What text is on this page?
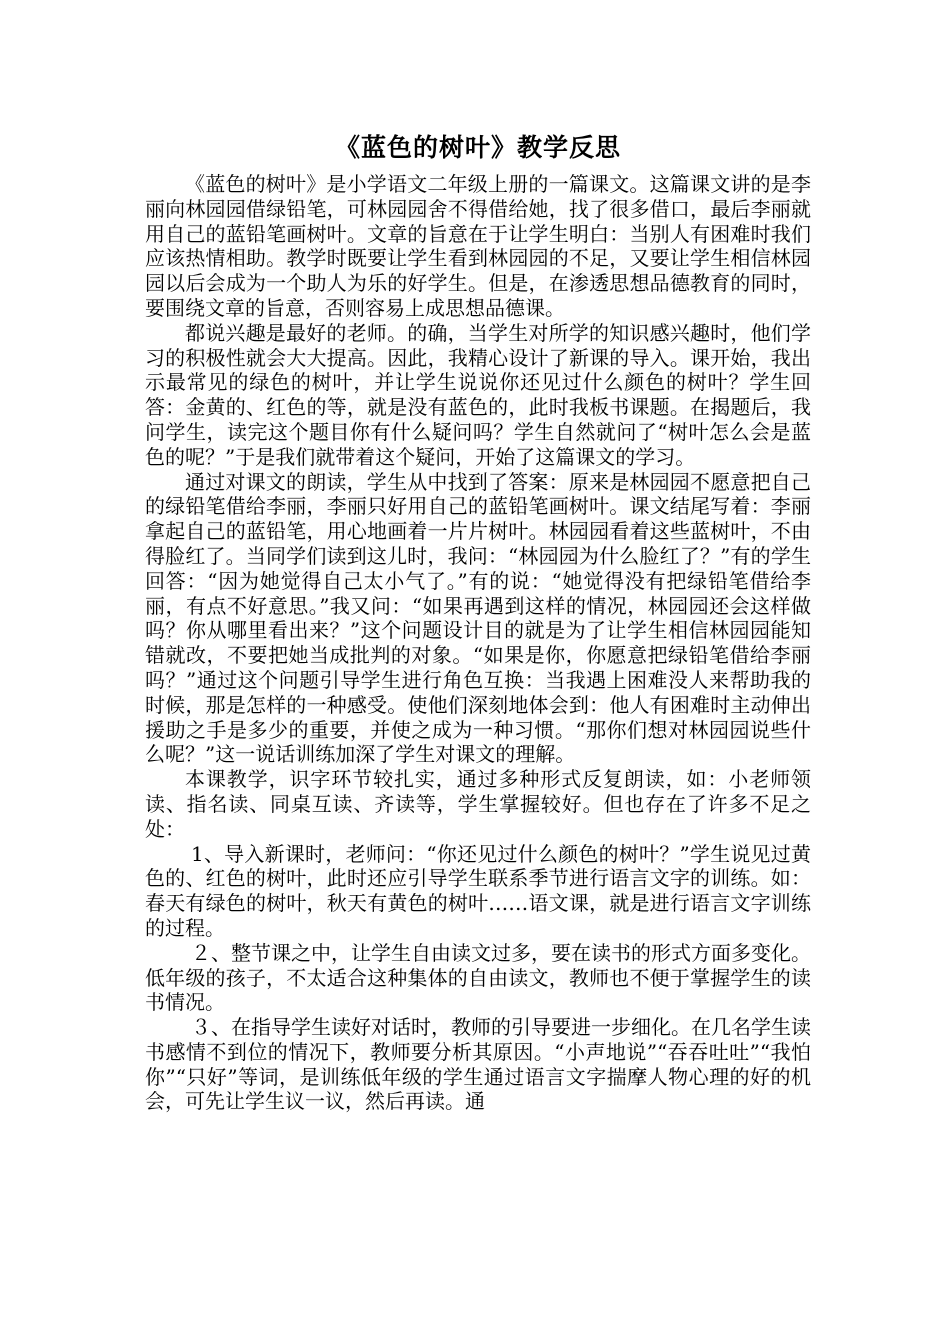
《蓝色的树叶》教学反思

《蓝色的树叶》是小学语文二年级上册的一篇课文。这篇课文讲的是李丽向林园园借绿铅笔，可林园园舍不得借给她，找了很多借口，最后李丽就用自己的蓝铅笔画树叶。文章的旨意在于让学生明白：当别人有困难时我们应该热情相助。教学时既要让学生看到林园园的不足，又要让学生相信林园园以后会成为一个助人为乐的好学生。但是，在渗透思想品德教育的同时，要围绕文章的旨意，否则容易上成思想品德课。

都说兴趣是最好的老师。的确，当学生对所学的知识感兴趣时，他们学习的积极性就会大大提高。因此，我精心设计了新课的导入。课开始，我出示最常见的绿色的树叶，并让学生说说你还见过什么颜色的树叶？学生回答：金黄的、红色的等，就是没有蓝色的，此时我板书课题。在揭题后，我问学生，读完这个题目你有什么疑问吗？学生自然就问了“树叶怎么会是蓝色的呢？”于是我们就带着这个疑问，开始了这篇课文的学习。

通过对课文的朗读，学生从中找到了答案：原来是林园园不愿意把自己的绿铅笔借给李丽，李丽只好用自己的蓝铅笔画树叶。课文结尾写着：李丽拿起自己的蓝铅笔，用心地画着一片片树叶。林园园看着这些蓝树叶，不由得脸红了。当同学们读到这儿时，我问：“林园园为什么脸红了？”有的学生回答：“因为她觉得自己太小气了。”有的说：“她觉得没有把绿铅笔借给李丽，有点不好意思。”我又问：“如果再遇到这样的情况，林园园还会这样做吗？你从哪里看出来？”这个问题设计目的就是为了让学生相信林园园能知错就改，不要把她当成批判的对象。“如果是你，你愿意把绿铅笔借给李丽吗？”通过这个问题引导学生进行角色互换：当我遇上困难没人来帮助我的时候，那是怎样的一种感受。使他们深刻地体会到：他人有困难时主动伸出援助之手是多少的重要，并使之成为一种习惯。“那你们想对林园园说些什么呢？”这一说话训练加深了学生对课文的理解。

本课教学，识字环节较扎实，通过多种形式反复朗读，如：小老师领读、指名读、同桌互读、齐读等，学生掌握较好。但也存在了许多不足之处：

1、导入新课时，老师问：“你还见过什么颜色的树叶？”学生说见过黄色的、红色的树叶，此时还应引导学生联系季节进行语言文字的训练。如：春天有绿色的树叶，秋天有黄色的树叶……语文课，就是进行语言文字训练的过程。

２、整节课之中，让学生自由读文过多，要在读书的形式方面多变化。低年级的孩子，不太适合这种集体的自由读文，教师也不便于掌握学生的读书情况。

３、在指导学生读好对话时，教师的引导要进一步细化。在几名学生读书感情不到位的情况下，教师要分析其原因。“小声地说”“吞吞吐吐”“我怕你”“只好”等词，是训练低年级的学生通过语言文字揣摩人物心理的好的机会，可先让学生议一议，然后再读。通
